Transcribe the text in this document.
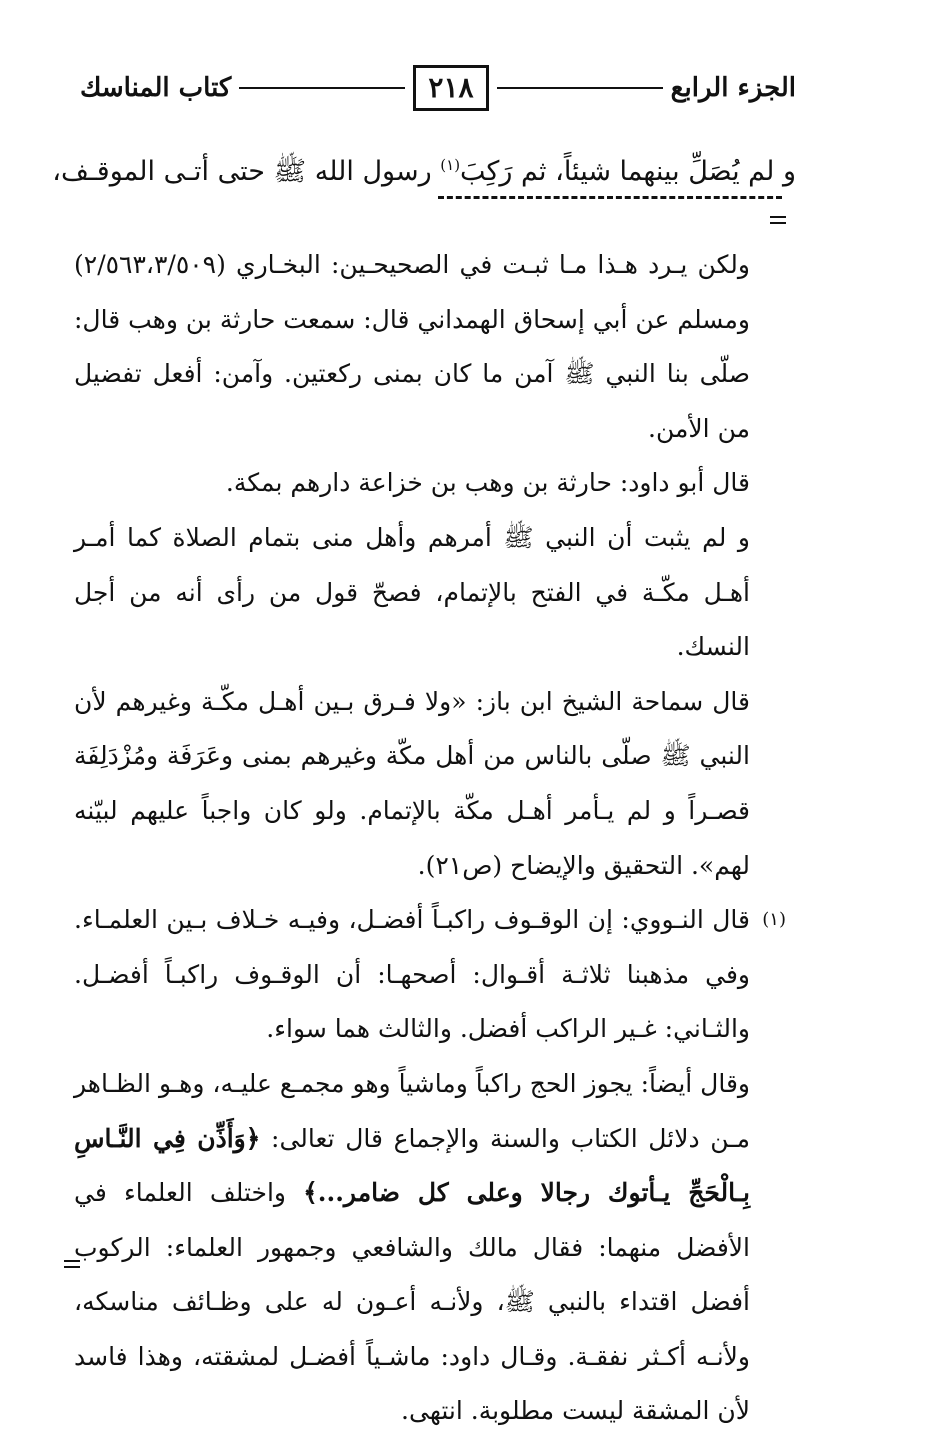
الجزء الرابع
٢١٨
كتاب المناسك
و لم يُصَلِّ بينهما شيئاً، ثم رَكِبَ$^{(١)}$ رسول الله ﷺ حتى أتـى الموقـف،

ولكن يـرد هـذا مـا ثبـت في الصحيحـين: البخـاري (٢/٥٦٣،٣/٥٠٩) ومسلم عن أبي إسحاق الهمداني قال: سمعت حارثة بن وهب قال: صلّى بنا النبي ﷺ آمن ما كان بمنى ركعتين. وآمن: أفعل تفضيل من الأمن.

قال أبو داود: حارثة بن وهب بن خزاعة دارهم بمكة.

و لم يثبت أن النبي ﷺ أمرهم وأهل منى بتمام الصلاة كما أمـر أهـل مكّـة في الفتح بالإتمام، فصحّ قول من رأى أنه من أجل النسك.

قال سماحة الشيخ ابن باز: «ولا فـرق بـين أهـل مكّـة وغيرهم لأن النبي ﷺ صلّى بالناس من أهل مكّة وغيرهم بمنى وعَرَفَة ومُزْدَلِفَة قصـراً و لم يـأمر أهـل مكّة بالإتمام. ولو كان واجباً عليهم لبيّنه لهم». التحقيق والإيضاح (ص٢١).

(١)

قال النـووي: إن الوقـوف راكبـاً أفضـل، وفيـه خـلاف بـين العلمـاء. وفي مذهبنا ثلاثـة أقـوال: أصحهـا: أن الوقـوف راكبـاً أفضـل. والثـاني: غـير الراكب أفضل. والثالث هما سواء.

وقال أيضاً: يجوز الحج راكباً وماشياً وهو مجمـع عليـه، وهـو الظـاهر مـن دلائل الكتاب والسنة والإجماع قال تعالى: ﴿وَأَذِّن فِي النَّـاسِ بِـالْحَجِّ يـأتوك رجالا وعلى كل ضامر...﴾ واختلف العلماء في الأفضل منهما: فقال مالك والشافعي وجمهور العلماء: الركوب أفضل اقتداء بالنبي ﷺ، ولأنـه أعـون له على وظـائف مناسكه، ولأنـه أكـثر نفقـة. وقـال داود: ماشـياً أفضـل لمشقته، وهذا فاسد لأن المشقة ليست مطلوبة. انتهى.
